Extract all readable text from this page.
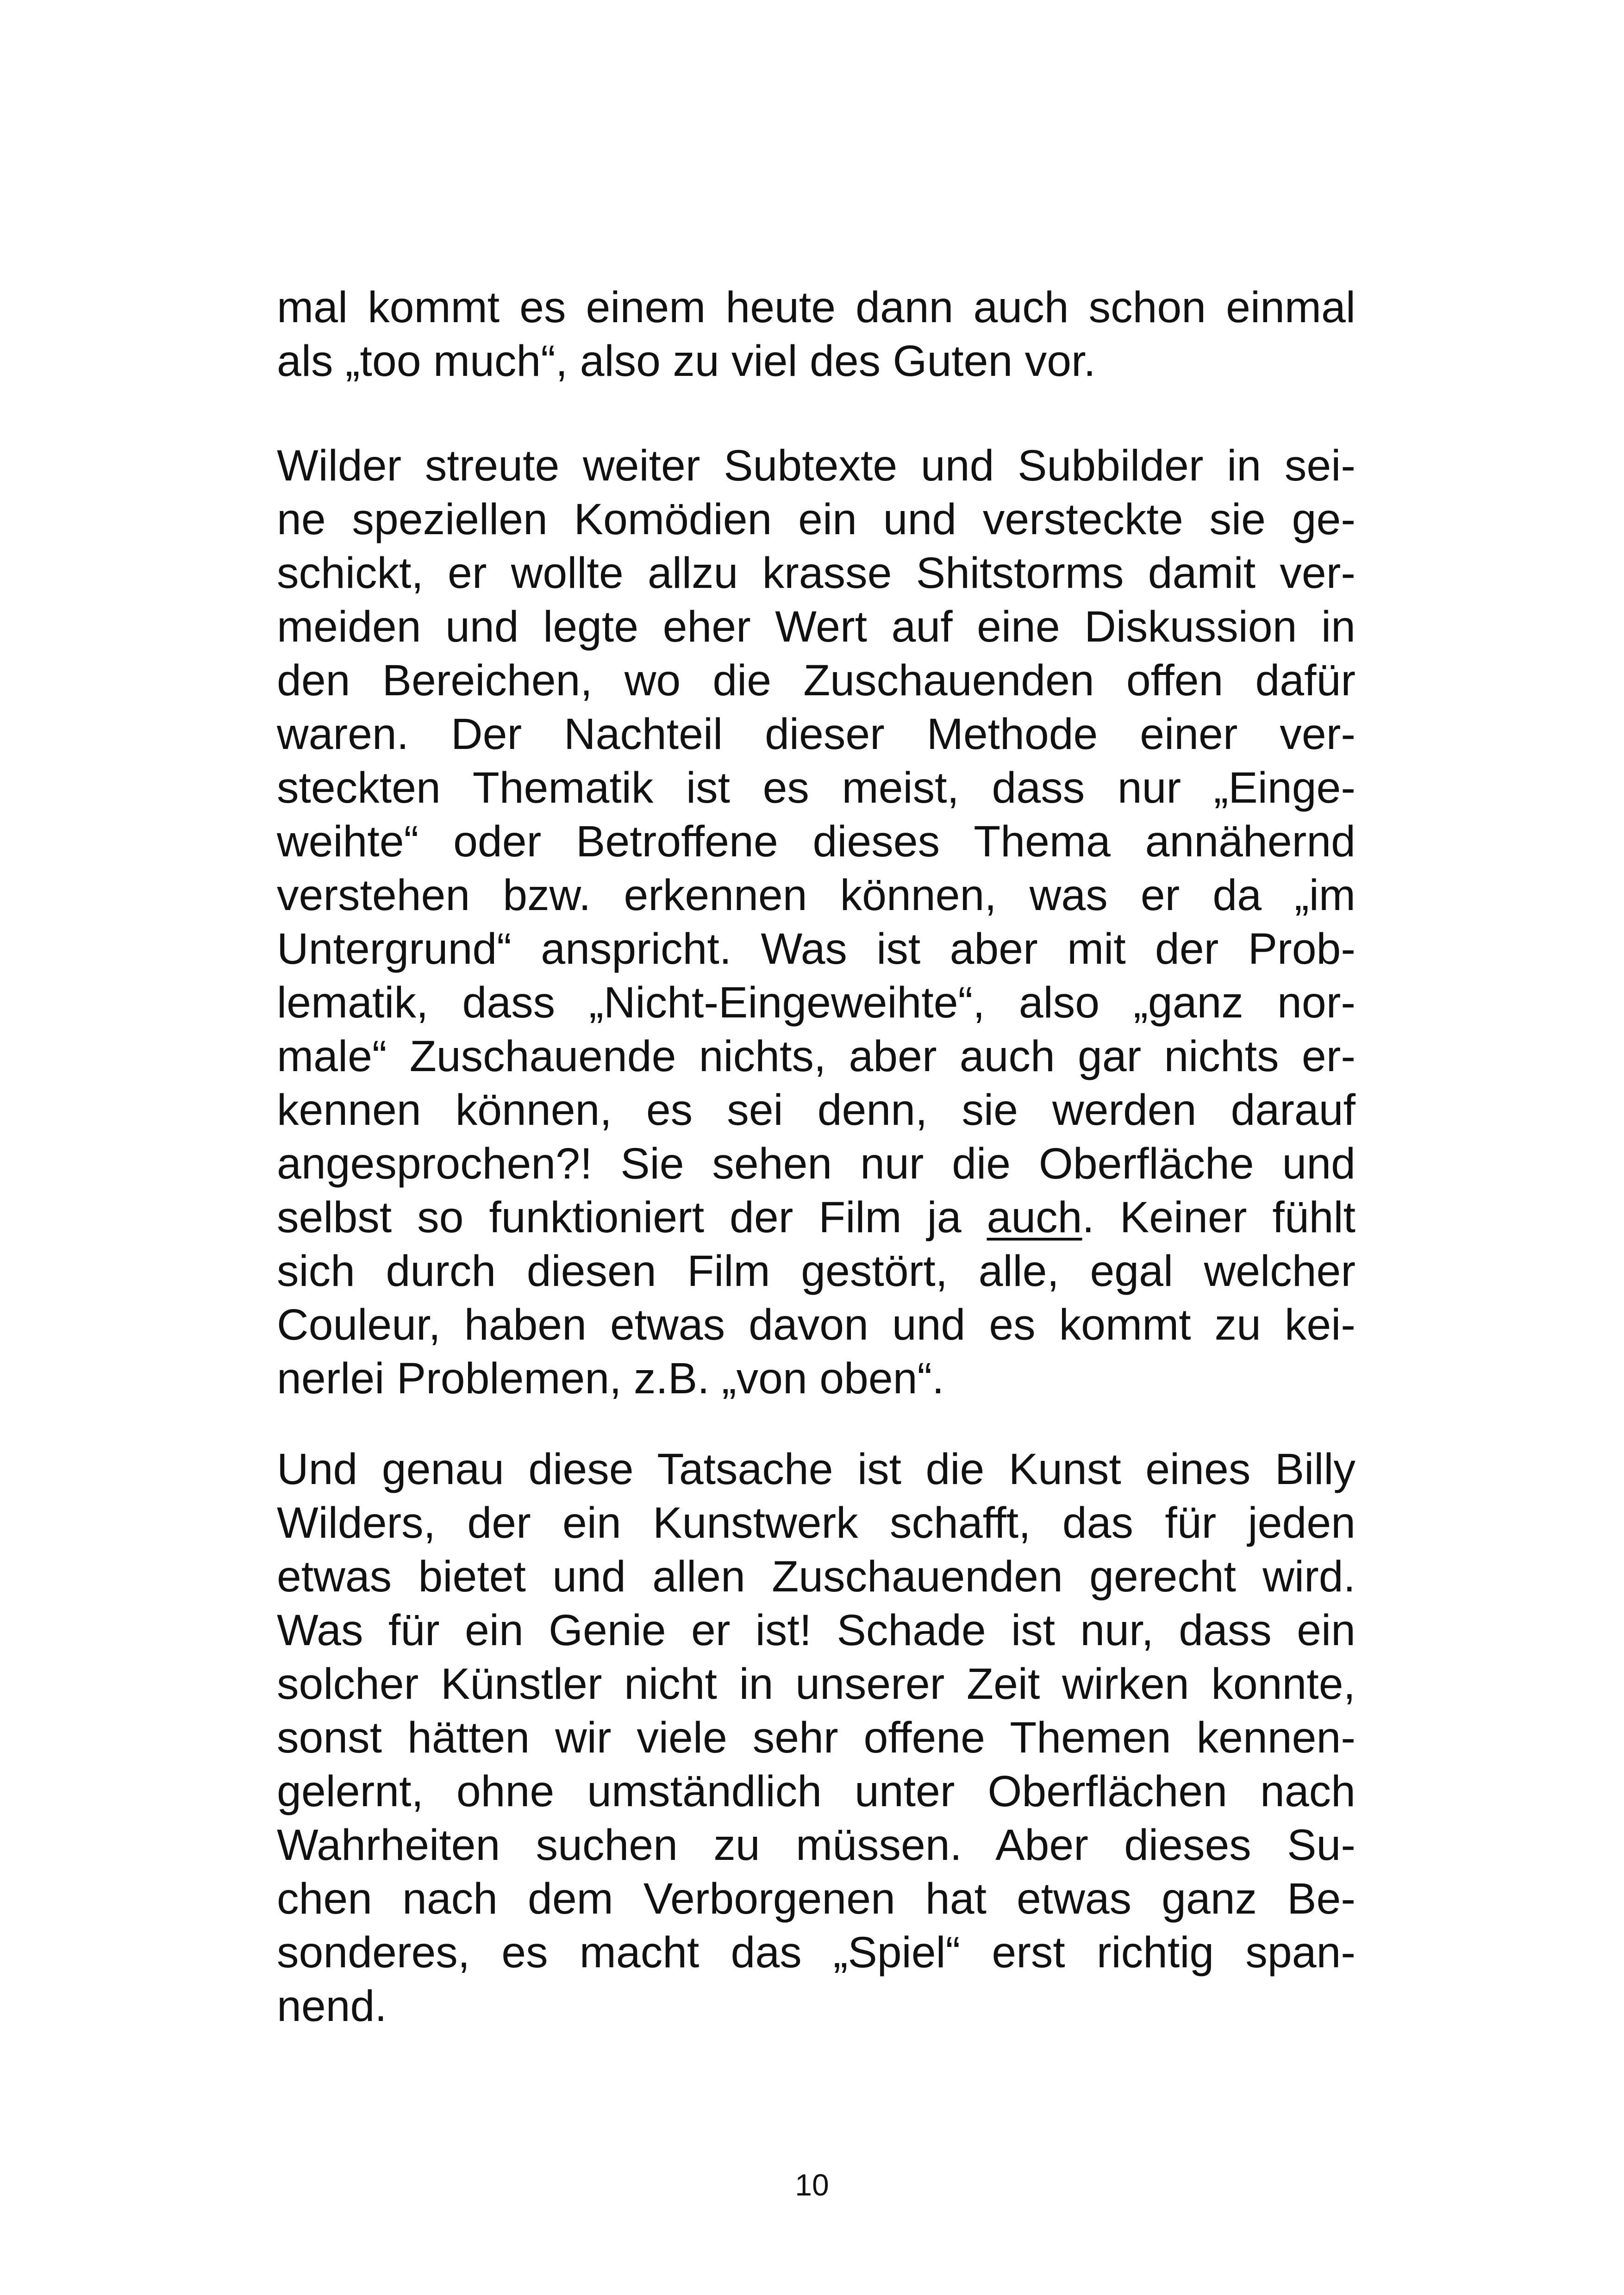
mal kommt es einem heute dann auch schon einmal
als „too much“, also zu viel des Guten vor.
Wilder streute weiter Subtexte und Subbilder in sei-
ne speziellen Komödien ein und versteckte sie ge-
schickt, er wollte allzu krasse Shitstorms damit ver-
meiden und legte eher Wert auf eine Diskussion in
den Bereichen, wo die Zuschauenden offen dafür
waren. Der Nachteil dieser Methode einer ver-
steckten Thematik ist es meist, dass nur „Einge-
weihte“ oder Betroffene dieses Thema annähernd
verstehen bzw. erkennen können, was er da „im
Untergrund“ anspricht. Was ist aber mit der Prob-
lematik, dass „Nicht-Eingeweihte“, also „ganz nor-
male“ Zuschauende nichts, aber auch gar nichts er-
kennen können, es sei denn, sie werden darauf
angesprochen?! Sie sehen nur die Oberfläche und
selbst so funktioniert der Film ja auch. Keiner fühlt
sich durch diesen Film gestört, alle, egal welcher
Couleur, haben etwas davon und es kommt zu kei-
nerlei Problemen, z.B. „von oben“.
Und genau diese Tatsache ist die Kunst eines Billy
Wilders, der ein Kunstwerk schafft, das für jeden
etwas bietet und allen Zuschauenden gerecht wird.
Was für ein Genie er ist! Schade ist nur, dass ein
solcher Künstler nicht in unserer Zeit wirken konnte,
sonst hätten wir viele sehr offene Themen kennen-
gelernt, ohne umständlich unter Oberflächen nach
Wahrheiten suchen zu müssen. Aber dieses Su-
chen nach dem Verborgenen hat etwas ganz Be-
sonderes, es macht das „Spiel“ erst richtig span-
nend.
10
